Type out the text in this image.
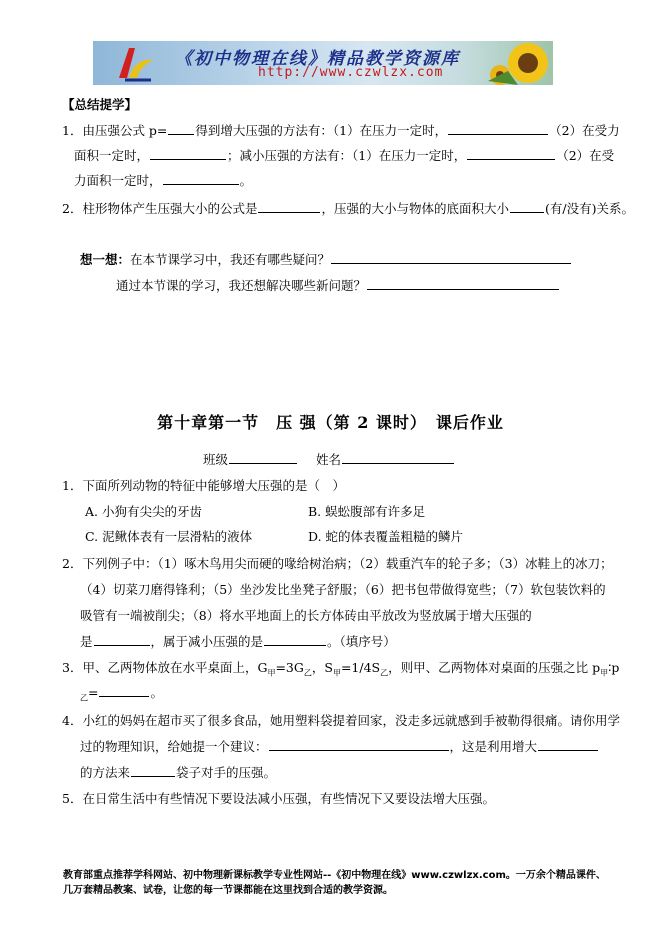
《初中物理在线》精品教学资源库
http://www.czwlzx.com
【总结提学】
1．由压强公式 p= 得到增大压强的方法有：（1）在压力一定时，	（2）在受力
面积一定时，	；减小压强的方法有：（1）在压力一定时，	（2）在受
力面积一定时，	。
2．柱形物体产生压强大小的公式是	，压强的大小与物体的底面积大小	(有/没有)关系。
想一想：在本节课学习中，我还有哪些疑问？
通过本节课的学习，我还想解决哪些新问题？
第十章第一节　压 强（第 2 课时）　课后作业
班级	姓名
1．下面所列动物的特征中能够增大压强的是（　）
A. 小狗有尖尖的牙齿	B. 蜈蚣腹部有许多足
C. 泥鳅体表有一层滑粘的液体	D. 蛇的体表覆盖粗糙的鳞片
2．下列例子中：（1）啄木鸟用尖而硬的喙给树治病；（2）载重汽车的轮子多；（3）冰鞋上的冰刀；
（4）切菜刀磨得锋利；（5）坐沙发比坐凳子舒服；（6）把书包带做得宽些；（7）软包装饮料的
吸管有一端被削尖；（8）将水平地面上的长方体砖由平放改为竖放属于增大压强的
是	，属于减小压强的是	。（填序号）
3．甲、乙两物体放在水平桌面上，$G_甲=3G_乙$，$S_甲=1/4S_乙$，则甲、乙两物体对桌面的压强之比 $p_甲∶p$
$_乙$=	。
4．小红的妈妈在超市买了很多食品，她用塑料袋提着回家，没走多远就感到手被勒得很痛。请你用学
过的物理知识，给她提一个建议：	，这是利用增大
的方法来	袋子对手的压强。
5．在日常生活中有些情况下要设法减小压强，有些情况下又要设法增大压强。
教育部重点推荐学科网站、初中物理新课标教学专业性网站--《初中物理在线》www.czwlzx.com。一万余个精品课件、
几万套精品教案、试卷，让您的每一节课都能在这里找到合适的教学资源。
